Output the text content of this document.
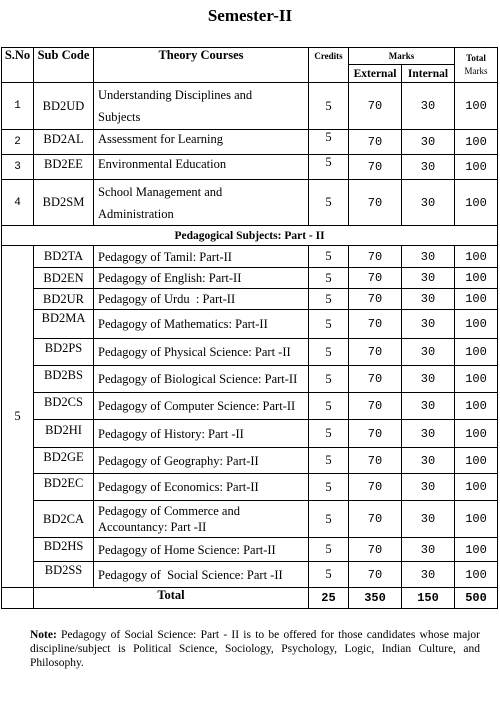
Semester-II
S.No	Sub Code	Theory Courses	Credits	Marks		Total
Marks

				External	Internal	
1	BD2UD	Understanding Disciplines and
Subjects	5	70	30	100
2	BD2AL	Assessment for Learning	5	70	30	100
3	BD2EE	Environmental Education	5	70	30	100
4	BD2SM	School Management and
Administration	5	70	30	100
Pedagogical Subjects: Part - II						
5	BD2TA	Pedagogy of Tamil: Part-II	5	70	30	100
	BD2EN	Pedagogy of English: Part-II	5	70	30	100
	BD2UR	Pedagogy of Urdu  : Part-II	5	70	30	100
	BD2MA	Pedagogy of Mathematics: Part-II	5	70	30	100
	BD2PS	Pedagogy of Physical Science: Part -II	5	70	30	100
	BD2BS	Pedagogy of Biological Science: Part-II	5	70	30	100
	BD2CS	Pedagogy of Computer Science: Part-II	5	70	30	100
	BD2HI	Pedagogy of History: Part -II	5	70	30	100
	BD2GE	Pedagogy of Geography: Part-II	5	70	30	100
	BD2EC	Pedagogy of Economics: Part-II	5	70	30	100
	BD2CA	Pedagogy of Commerce and
Accountancy: Part -II	5	70	30	100
	BD2HS	Pedagogy of Home Science: Part-II	5	70	30	100
	BD2SS	Pedagogy of  Social Science: Part -II	5	70	30	100
	Total		25	350	150	500
Note: Pedagogy of Social Science: Part - II is to be offered for those candidates whose major discipline/subject is Political Science, Sociology, Psychology, Logic, Indian Culture, and Philosophy.
